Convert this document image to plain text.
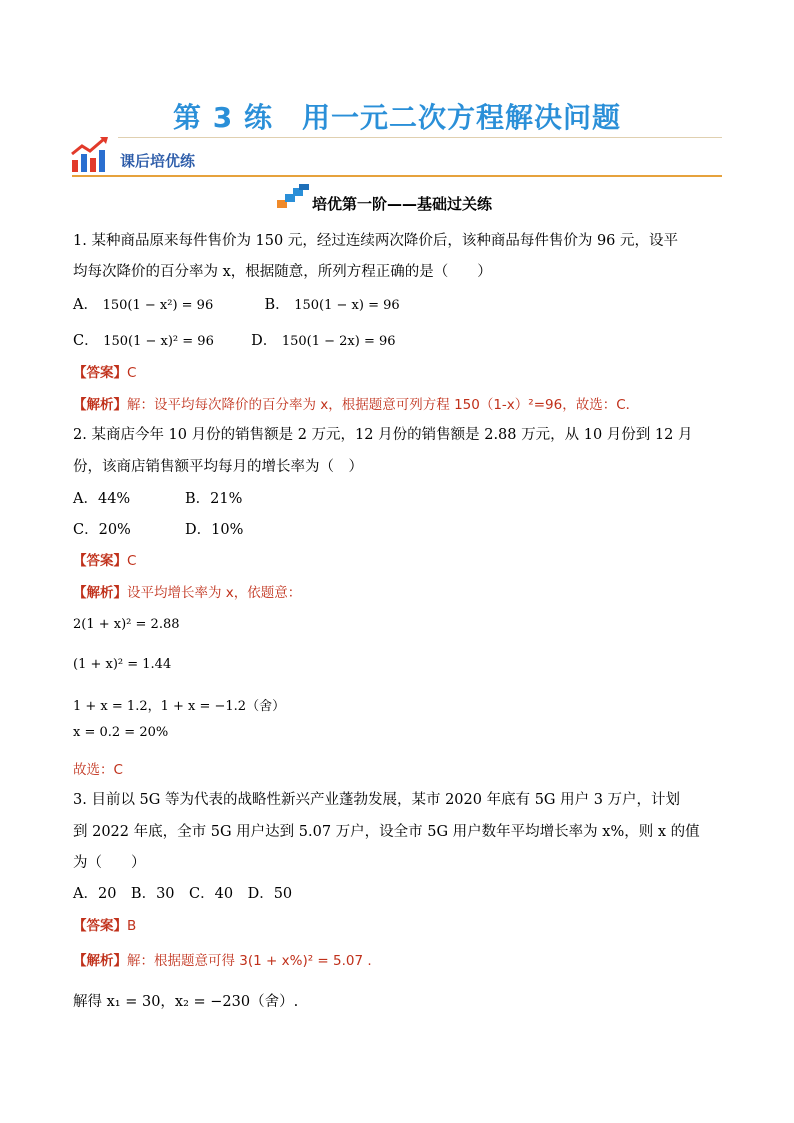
第 3 练　用一元二次方程解决问题
课后培优练
培优第一阶——基础过关练
1. 某种商品原来每件售价为 150 元，经过连续两次降价后，该种商品每件售价为 96 元，设平
均每次降价的百分率为 x，根据随意，所列方程正确的是（　　）
A． 150(1 − x²) = 96	B． 150(1 − x) = 96
C． 150(1 − x)² = 96	D． 150(1 − 2x) = 96
【答案】C
【解析】解：设平均每次降价的百分率为 x，根据题意可列方程 150（1-x）²=96，故选：C．
2. 某商店今年 10 月份的销售额是 2 万元，12 月份的销售额是 2.88 万元，从 10 月份到 12 月
份，该商店销售额平均每月的增长率为（　）
A．44%	B．21%
C．20%	D．10%
【答案】C
【解析】设平均增长率为 x，依题意：
2(1 + x)² = 2.88
(1 + x)² = 1.44
1 + x = 1.2，1 + x = −1.2（舍）
x = 0.2 = 20%
故选：C
3. 目前以 5G 等为代表的战略性新兴产业蓬勃发展，某市 2020 年底有 5G 用户 3 万户，计划
到 2022 年底，全市 5G 用户达到 5.07 万户，设全市 5G 用户数年平均增长率为 x%，则 x 的值
为（　　）
A．20　B．30　C．40　D．50
【答案】B
【解析】解：根据题意可得 3(1 + x%)² = 5.07 .
解得 x₁ = 30，x₂ = −230（舍）.
